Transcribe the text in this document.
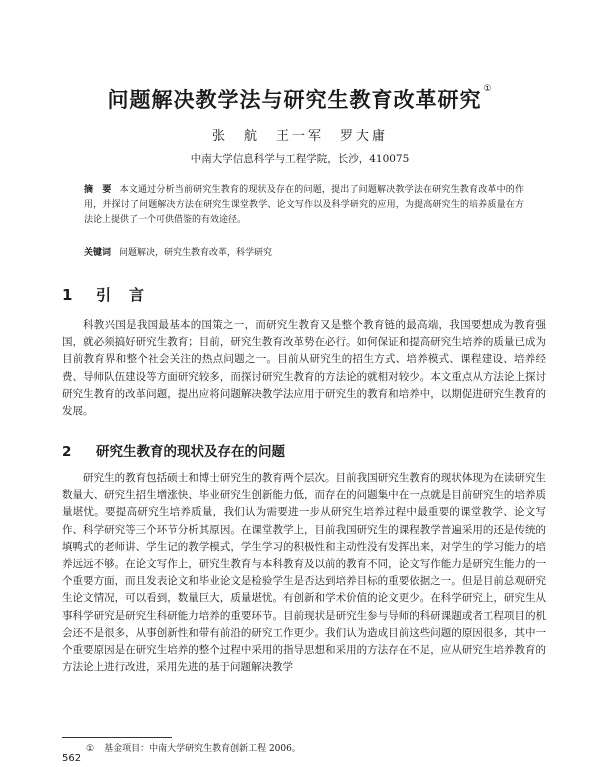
问题解决教学法与研究生教育改革研究 ①
张　航　王一军　罗大庸
中南大学信息科学与工程学院，长沙，410075
摘　要 本文通过分析当前研究生教育的现状及存在的问题，提出了问题解决教学法在研究生教育改革中的作用，并探讨了问题解决方法在研究生课堂教学、论文写作以及科学研究的应用，为提高研究生的培养质量在方法论上提供了一个可供借鉴的有效途径。
关键词 问题解决，研究生教育改革，科学研究
1 引言
科教兴国是我国最基本的国策之一，而研究生教育又是整个教育链的最高端，我国要想成为教育强国，就必须搞好研究生教育；目前，研究生教育改革势在必行。如何保证和提高研究生培养的质量已成为目前教育界和整个社会关注的热点问题之一。目前从研究生的招生方式、培养模式、课程建设、培养经费、导师队伍建设等方面研究较多，而探讨研究生教育的方法论的就相对较少。本文重点从方法论上探讨研究生教育的改革问题，提出应将问题解决教学法应用于研究生的教育和培养中，以期促进研究生教育的发展。
2 研究生教育的现状及存在的问题
研究生的教育包括硕士和博士研究生的教育两个层次。目前我国研究生教育的现状体现为在读研究生数量大、研究生招生增涨快、毕业研究生创新能力低，而存在的问题集中在一点就是目前研究生的培养质量堪忧。要提高研究生培养质量，我们认为需要进一步从研究生培养过程中最重要的课堂教学、论文写作、科学研究等三个环节分析其原因。在课堂教学上，目前我国研究生的课程教学普遍采用的还是传统的填鸭式的老师讲、学生记的教学模式，学生学习的积极性和主动性没有发挥出来，对学生的学习能力的培养远远不够。在论文写作上，研究生教育与本科教育及以前的教育不同，论文写作能力是研究生能力的一个重要方面，而且发表论文和毕业论文是检验学生是否达到培养目标的重要依据之一。但是目前总观研究生论文情况，可以看到，数量巨大，质量堪忧。有创新和学术价值的论文更少。在科学研究上，研究生从事科学研究是研究生科研能力培养的重要环节。目前现状是研究生参与导师的科研课题或者工程项目的机会还不是很多，从事创新性和带有前沿的研究工作更少。我们认为造成目前这些问题的原因很多，其中一个重要原因是在研究生培养的整个过程中采用的指导思想和采用的方法存在不足，应从研究生培养教育的方法论上进行改进，采用先进的基于问题解决教学
① 基金项目：中南大学研究生教育创新工程 2006。
562
